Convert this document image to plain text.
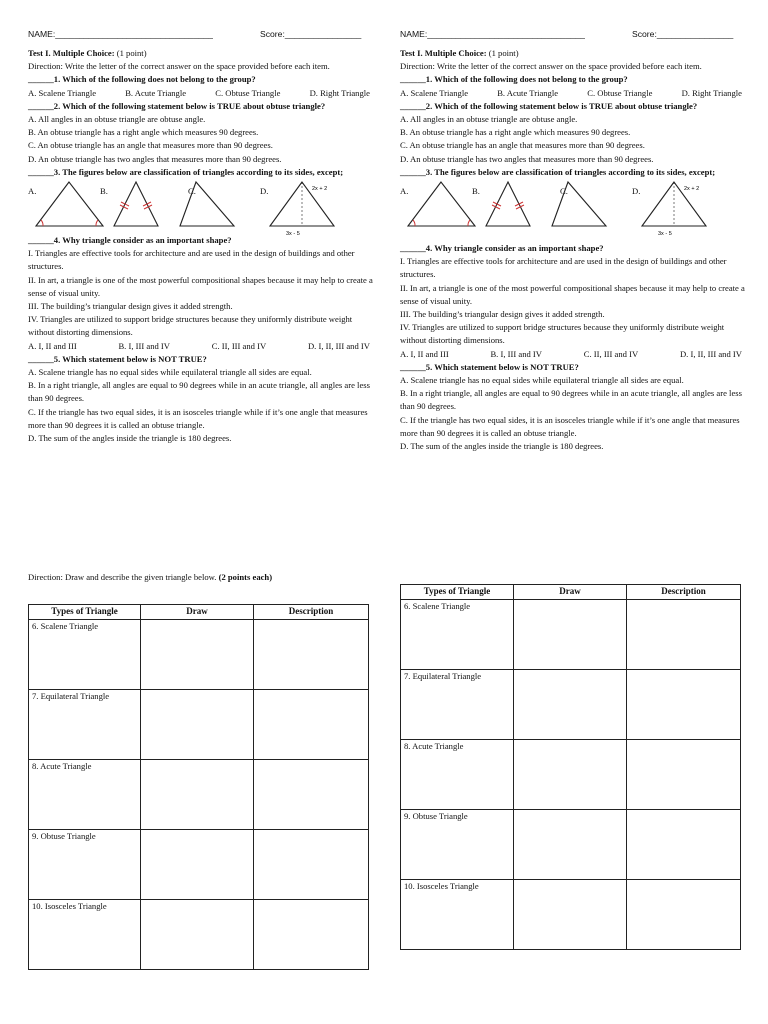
NAME:_________________________________	Score:________________

Test I. Multiple Choice: (1 point)

Direction: Write the letter of the correct answer on the space provided before each item.

______1. Which of the following does not belong to the group?

A. Scalene Triangle	B. Acute Triangle	C. Obtuse Triangle	D. Right Triangle

______2. Which of the following statement below is TRUE about obtuse triangle?

A. All angles in an obtuse triangle are obtuse angle.

B. An obtuse triangle has a right angle which measures 90 degrees.

C. An obtuse triangle has an angle that measures more than 90 degrees.

D. An obtuse triangle has two angles that measures more than 90 degrees.

______3. The figures below are classification of triangles according to its sides, except;

A.	B.	C.	D.	2x + 2
3x - 5

______4. Why triangle consider as an important shape?

I. Triangles are effective tools for architecture and are used in the design of buildings and other structures.

II. In art, a triangle is one of the most powerful compositional shapes because it may help to create a sense of visual unity.

III. The building’s triangular design gives it added strength.

IV. Triangles are utilized to support bridge structures because they uniformly distribute weight without distorting dimensions.

A. I, II and III	B. I, III and IV	C. II, III and IV	D. I, II, III and IV

______5. Which statement below is NOT TRUE?

A. Scalene triangle has no equal sides while equilateral triangle all sides are equal.

B. In a right triangle, all angles are equal to 90 degrees while in an acute triangle, all angles are less than 90 degrees.

C. If the triangle has two equal sides, it is an isosceles triangle while if it’s one angle that measures more than 90 degrees it is called an obtuse triangle.

D. The sum of the angles inside the triangle is 180 degrees.

Direction: Draw and describe the given triangle below. (2 points each)
Types of Triangle	Draw	Description
6. Scalene Triangle		
7. Equilateral Triangle		
8. Acute Triangle		
9. Obtuse Triangle		
10. Isosceles Triangle		
NAME:_________________________________	Score:________________

Test I. Multiple Choice: (1 point)

Direction: Write the letter of the correct answer on the space provided before each item.

______1. Which of the following does not belong to the group?

A. Scalene Triangle	B. Acute Triangle	C. Obtuse Triangle	D. Right Triangle

______2. Which of the following statement below is TRUE about obtuse triangle?

A. All angles in an obtuse triangle are obtuse angle.

B. An obtuse triangle has a right angle which measures 90 degrees.

C. An obtuse triangle has an angle that measures more than 90 degrees.

D. An obtuse triangle has two angles that measures more than 90 degrees.

______3. The figures below are classification of triangles according to its sides, except;

A.	B.	C.	D.	2x + 2
3x - 5

______4. Why triangle consider as an important shape?

I. Triangles are effective tools for architecture and are used in the design of buildings and other structures.

II. In art, a triangle is one of the most powerful compositional shapes because it may help to create a sense of visual unity.

III. The building’s triangular design gives it added strength.

IV. Triangles are utilized to support bridge structures because they uniformly distribute weight without distorting dimensions.

A. I, II and III	B. I, III and IV	C. II, III and IV	D. I, II, III and IV

______5. Which statement below is NOT TRUE?

A. Scalene triangle has no equal sides while equilateral triangle all sides are equal.

B. In a right triangle, all angles are equal to 90 degrees while in an acute triangle, all angles are less than 90 degrees.

C. If the triangle has two equal sides, it is an isosceles triangle while if it’s one angle that measures more than 90 degrees it is called an obtuse triangle.

D. The sum of the angles inside the triangle is 180 degrees.

Types of Triangle	Draw	Description
6. Scalene Triangle		
7. Equilateral Triangle		
8. Acute Triangle		
9. Obtuse Triangle		
10. Isosceles Triangle		
